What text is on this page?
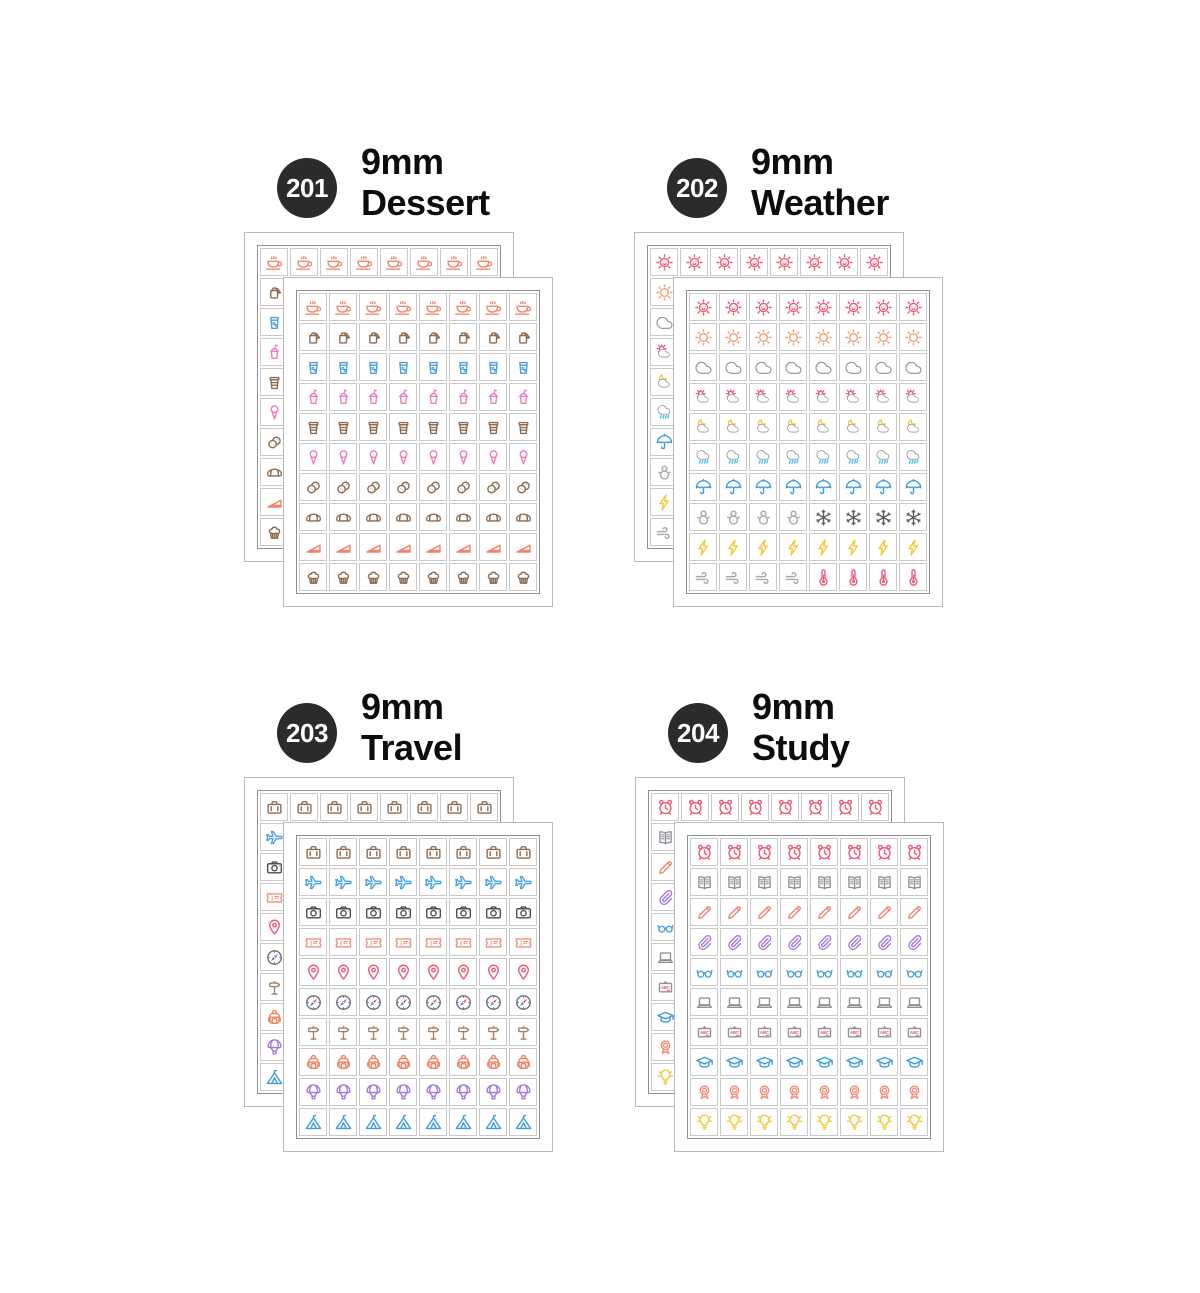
201
9mm
Dessert	202
9mm
Weather
203
9mm
Travel	204
9mm
Study
ABC
ABC	ABC	ABC	ABC	ABC	ABC	ABC	ABC
